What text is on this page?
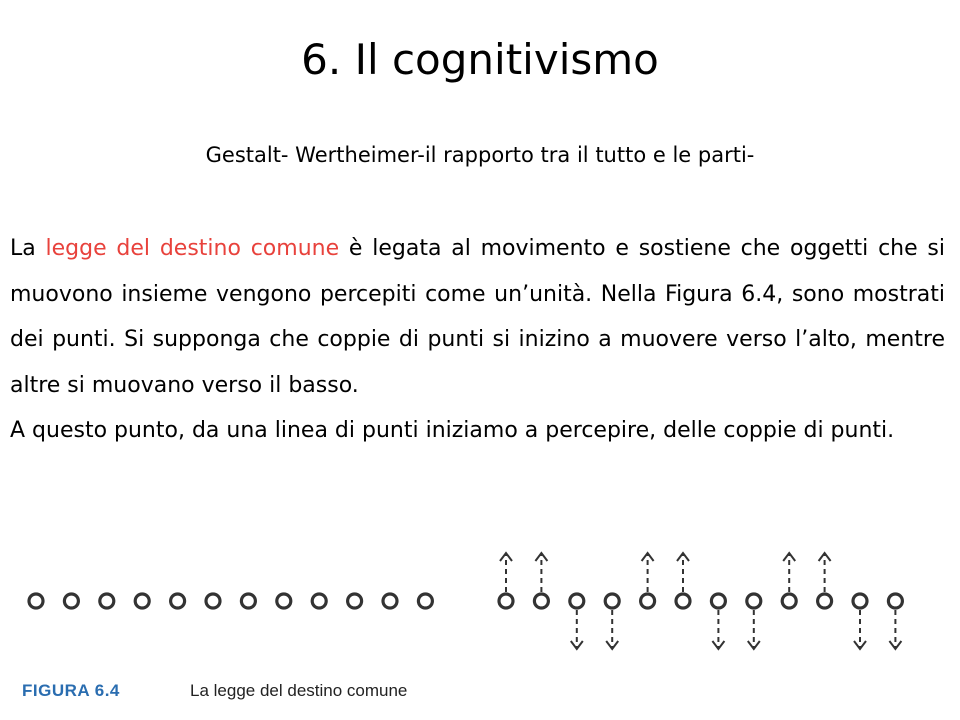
6. Il cognitivismo
Gestalt- Wertheimer-il rapporto tra il tutto e le parti-

La legge del destino comune è legata al movimento e sostiene che oggetti che si muovono insieme vengono percepiti come un’unità. Nella Figura 6.4, sono mostrati dei punti. Si supponga che coppie di punti si inizino a muovere verso l’alto, mentre altre si muovano verso il basso.

A questo punto, da una linea di punti iniziamo a percepire, delle coppie di punti.

FIGURA 6.4	La legge del destino comune
